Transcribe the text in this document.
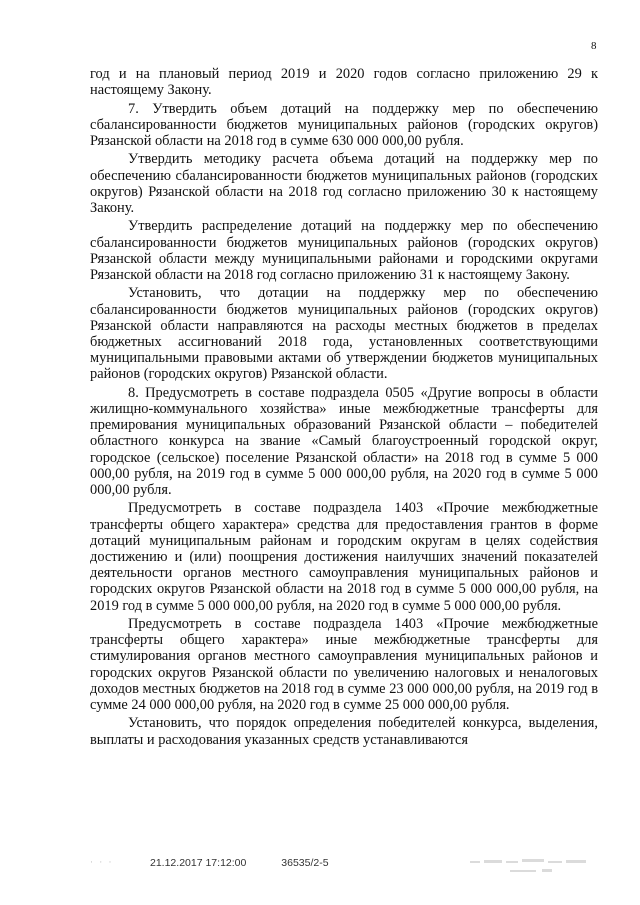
8

год и на плановый период 2019 и 2020 годов согласно приложению 29 к настоящему Закону.

7. Утвердить объем дотаций на поддержку мер по обеспечению сбалансированности бюджетов муниципальных районов (городских округов) Рязанской области на 2018 год в сумме 630 000 000,00 рубля.

Утвердить методику расчета объема дотаций на поддержку мер по обеспечению сбалансированности бюджетов муниципальных районов (городских округов) Рязанской области на 2018 год согласно приложению 30 к настоящему Закону.

Утвердить распределение дотаций на поддержку мер по обеспечению сбалансированности бюджетов муниципальных районов (городских округов) Рязанской области между муниципальными районами и городскими округами Рязанской области на 2018 год согласно приложению 31 к настоящему Закону.

Установить, что дотации на поддержку мер по обеспечению сбалансированности бюджетов муниципальных районов (городских округов) Рязанской области направляются на расходы местных бюджетов в пределах бюджетных ассигнований 2018 года, установленных соответствующими муниципальными правовыми актами об утверждении бюджетов муниципальных районов (городских округов) Рязанской области.

8. Предусмотреть в составе подраздела 0505 «Другие вопросы в области жилищно-коммунального хозяйства» иные межбюджетные трансферты для премирования муниципальных образований Рязанской области – победителей областного конкурса на звание «Самый благоустроенный городской округ, городское (сельское) поселение Рязанской области» на 2018 год в сумме 5 000 000,00 рубля, на 2019 год в сумме 5 000 000,00 рубля, на 2020 год в сумме 5 000 000,00 рубля.

Предусмотреть в составе подраздела 1403 «Прочие межбюджетные трансферты общего характера» средства для предоставления грантов в форме дотаций муниципальным районам и городским округам в целях содействия достижению и (или) поощрения достижения наилучших значений показателей деятельности органов местного самоуправления муниципальных районов и городских округов Рязанской области на 2018 год в сумме 5 000 000,00 рубля, на 2019 год в сумме 5 000 000,00 рубля, на 2020 год в сумме 5 000 000,00 рубля.

Предусмотреть в составе подраздела 1403 «Прочие межбюджетные трансферты общего характера» иные межбюджетные трансферты для стимулирования органов местного самоуправления муниципальных районов и городских округов Рязанской области по увеличению налоговых и неналоговых доходов местных бюджетов на 2018 год в сумме 23 000 000,00 рубля, на 2019 год в сумме 24 000 000,00 рубля, на 2020 год в сумме 25 000 000,00 рубля.

Установить, что порядок определения победителей конкурса, выделения, выплаты и расходования указанных средств устанавливаются

· · ·	21.12.2017 17:12:00	36535/2-5
